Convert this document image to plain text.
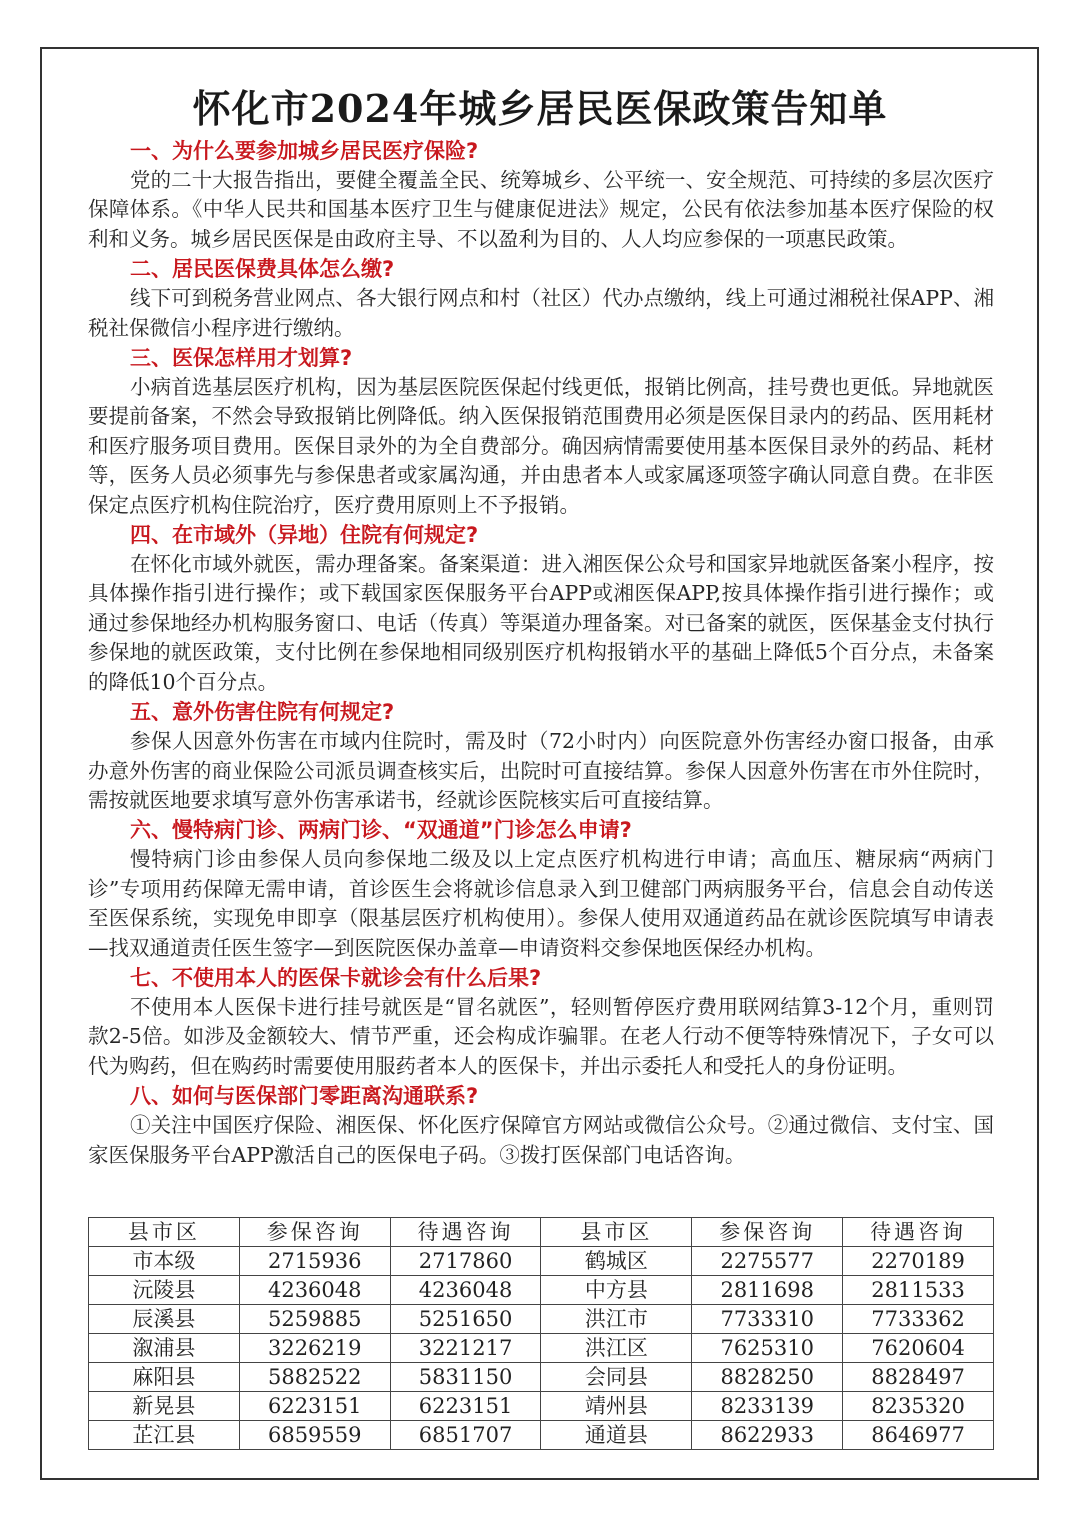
怀化市2024年城乡居民医保政策告知单
一、为什么要参加城乡居民医疗保险?

党的二十大报告指出，要健全覆盖全民、统筹城乡、公平统一、安全规范、可持续的多层次医疗保障体系。《中华人民共和国基本医疗卫生与健康促进法》规定，公民有依法参加基本医疗保险的权利和义务。城乡居民医保是由政府主导、不以盈利为目的、人人均应参保的一项惠民政策。

二、居民医保费具体怎么缴?

线下可到税务营业网点、各大银行网点和村（社区）代办点缴纳，线上可通过湘税社保APP、湘税社保微信小程序进行缴纳。

三、医保怎样用才划算?

小病首选基层医疗机构，因为基层医院医保起付线更低，报销比例高，挂号费也更低。异地就医要提前备案，不然会导致报销比例降低。纳入医保报销范围费用必须是医保目录内的药品、医用耗材和医疗服务项目费用。医保目录外的为全自费部分。确因病情需要使用基本医保目录外的药品、耗材等，医务人员必须事先与参保患者或家属沟通，并由患者本人或家属逐项签字确认同意自费。在非医保定点医疗机构住院治疗，医疗费用原则上不予报销。

四、在市域外（异地）住院有何规定?

在怀化市域外就医，需办理备案。备案渠道：进入湘医保公众号和国家异地就医备案小程序，按具体操作指引进行操作；或下载国家医保服务平台APP或湘医保APP,按具体操作指引进行操作；或通过参保地经办机构服务窗口、电话（传真）等渠道办理备案。对已备案的就医，医保基金支付执行参保地的就医政策，支付比例在参保地相同级别医疗机构报销水平的基础上降低5个百分点，未备案的降低10个百分点。

五、意外伤害住院有何规定?

参保人因意外伤害在市域内住院时，需及时（72小时内）向医院意外伤害经办窗口报备，由承办意外伤害的商业保险公司派员调查核实后，出院时可直接结算。参保人因意外伤害在市外住院时，需按就医地要求填写意外伤害承诺书，经就诊医院核实后可直接结算。

六、慢特病门诊、两病门诊、“双通道”门诊怎么申请?

慢特病门诊由参保人员向参保地二级及以上定点医疗机构进行申请；高血压、糖尿病“两病门诊”专项用药保障无需申请，首诊医生会将就诊信息录入到卫健部门两病服务平台，信息会自动传送至医保系统，实现免申即享（限基层医疗机构使用）。参保人使用双通道药品在就诊医院填写申请表—找双通道责任医生签字—到医院医保办盖章—申请资料交参保地医保经办机构。

七、不使用本人的医保卡就诊会有什么后果?

不使用本人医保卡进行挂号就医是“冒名就医”，轻则暂停医疗费用联网结算3-12个月，重则罚款2-5倍。如涉及金额较大、情节严重，还会构成诈骗罪。在老人行动不便等特殊情况下，子女可以代为购药，但在购药时需要使用服药者本人的医保卡，并出示委托人和受托人的身份证明。

八、如何与医保部门零距离沟通联系?

①关注中国医疗保险、湘医保、怀化医疗保障官方网站或微信公众号。②通过微信、支付宝、国家医保服务平台APP激活自己的医保电子码。③拨打医保部门电话咨询。

县市区	参保咨询	待遇咨询	县市区	参保咨询	待遇咨询
市本级	2715936	2717860	鹤城区	2275577	2270189
沅陵县	4236048	4236048	中方县	2811698	2811533
辰溪县	5259885	5251650	洪江市	7733310	7733362
溆浦县	3226219	3221217	洪江区	7625310	7620604
麻阳县	5882522	5831150	会同县	8828250	8828497
新晃县	6223151	6223151	靖州县	8233139	8235320
芷江县	6859559	6851707	通道县	8622933	8646977
